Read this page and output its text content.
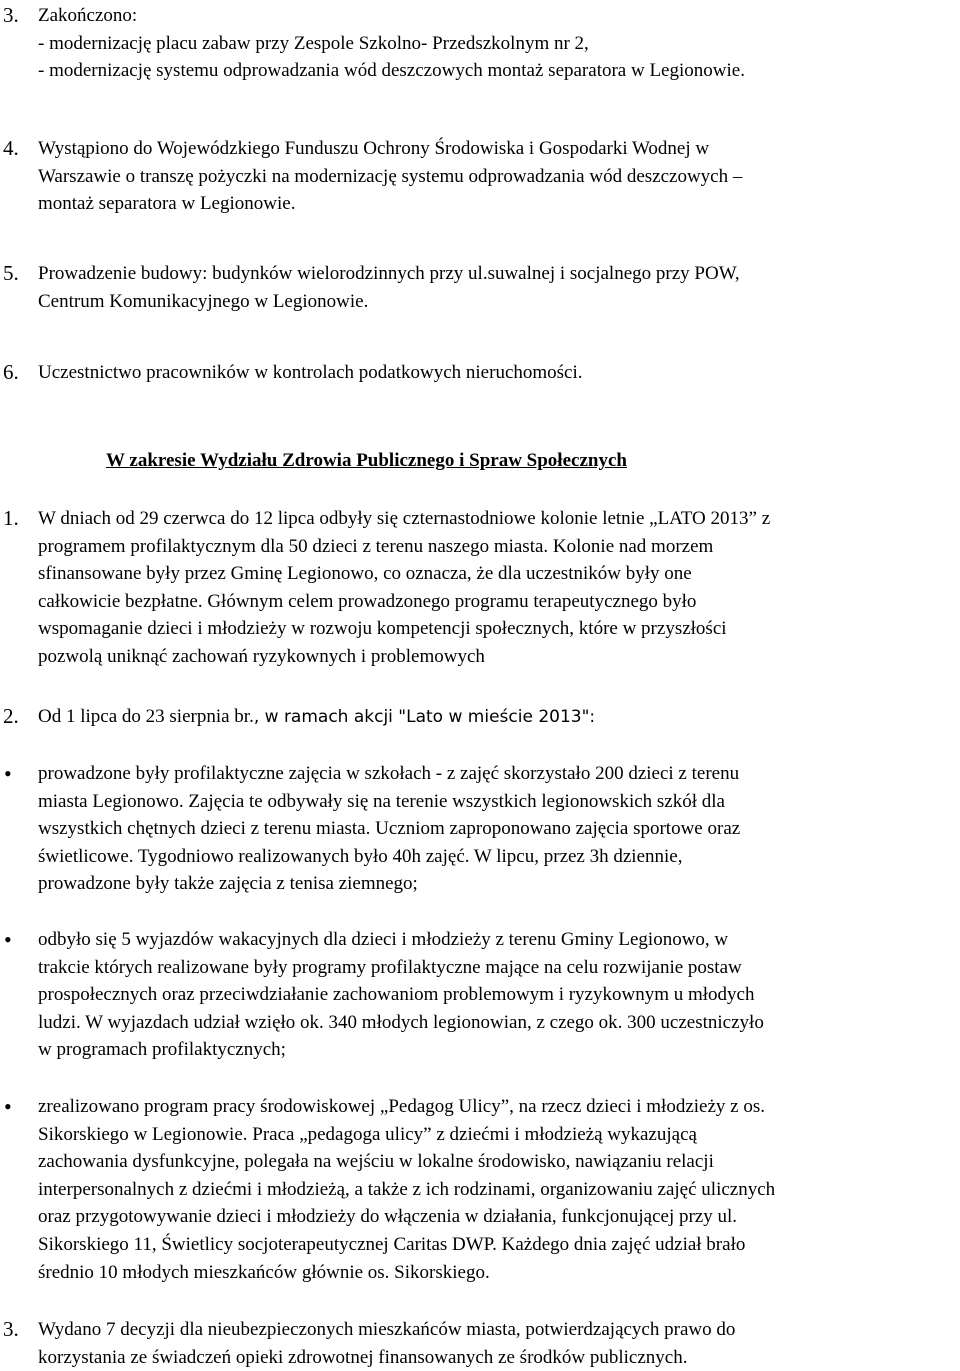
3. Zakończono:
- modernizację placu zabaw przy Zespole Szkolno- Przedszkolnym nr 2,
- modernizację systemu odprowadzania wód deszczowych montaż separatora w Legionowie.
4. Wystąpiono do Wojewódzkiego Funduszu Ochrony Środowiska i Gospodarki Wodnej w
Warszawie o transzę pożyczki na modernizację systemu odprowadzania wód deszczowych –
montaż separatora w Legionowie.
5. Prowadzenie budowy: budynków wielorodzinnych przy ul.suwalnej i socjalnego przy POW,
Centrum Komunikacyjnego w Legionowie.
6. Uczestnictwo pracowników w kontrolach podatkowych nieruchomości.
W zakresie Wydziału Zdrowia Publicznego i Spraw Społecznych
1. W dniach od 29 czerwca do 12 lipca odbyły się czternastodniowe kolonie letnie „LATO 2013” z
programem profilaktycznym dla 50 dzieci z terenu naszego miasta. Kolonie nad morzem
sfinansowane były przez Gminę Legionowo, co oznacza, że dla uczestników były one
całkowicie bezpłatne. Głównym celem prowadzonego programu terapeutycznego było
wspomaganie dzieci i młodzieży w rozwoju kompetencji społecznych, które w przyszłości
pozwolą uniknąć zachowań ryzykownych i problemowych
2. Od 1 lipca do 23 sierpnia br., w ramach akcji "Lato w mieście 2013":
• prowadzone były profilaktyczne zajęcia w szkołach - z zajęć skorzystało 200 dzieci z terenu
miasta Legionowo. Zajęcia te odbywały się na terenie wszystkich legionowskich szkół dla
wszystkich chętnych dzieci z terenu miasta. Uczniom zaproponowano zajęcia sportowe oraz
świetlicowe. Tygodniowo realizowanych było 40h zajęć. W lipcu, przez 3h dziennie,
prowadzone były także zajęcia z tenisa ziemnego;
• odbyło się 5 wyjazdów wakacyjnych dla dzieci i młodzieży z terenu Gminy Legionowo, w
trakcie których realizowane były programy profilaktyczne mające na celu rozwijanie postaw
prospołecznych oraz przeciwdziałanie zachowaniom problemowym i ryzykownym u młodych
ludzi. W wyjazdach udział wzięło ok. 340 młodych legionowian, z czego ok. 300 uczestniczyło
w programach profilaktycznych;
• zrealizowano program pracy środowiskowej „Pedagog Ulicy”, na rzecz dzieci i młodzieży z os.
Sikorskiego w Legionowie. Praca „pedagoga ulicy” z dziećmi i młodzieżą wykazującą
zachowania dysfunkcyjne, polegała na wejściu w lokalne środowisko, nawiązaniu relacji
interpersonalnych z dziećmi i młodzieżą, a także z ich rodzinami, organizowaniu zajęć ulicznych
oraz przygotowywanie dzieci i młodzieży do włączenia w działania, funkcjonującej przy ul.
Sikorskiego 11, Świetlicy socjoterapeutycznej Caritas DWP. Każdego dnia zajęć udział brało
średnio 10 młodych mieszkańców głównie os. Sikorskiego.
3. Wydano 7 decyzji dla nieubezpieczonych mieszkańców miasta, potwierdzających prawo do
korzystania ze świadczeń opieki zdrowotnej finansowanych ze środków publicznych.
